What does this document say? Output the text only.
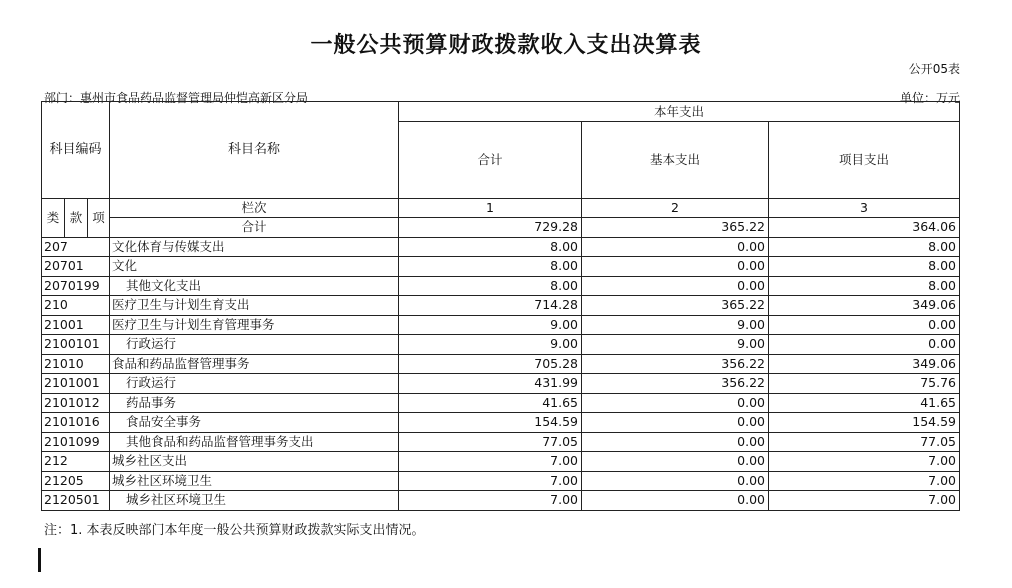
一般公共预算财政拨款收入支出决算表
公开05表
部门：惠州市食品药品监督管理局仲恺高新区分局	单位：万元
科目编码			科目名称	本年支出		
				合计	基本支出	项目支出
类	款	项	栏次	1	2	3
			合计	729.28	365.22	364.06
207			文化体育与传媒支出	8.00	0.00	8.00
20701			文化	8.00	0.00	8.00
2070199			其他文化支出	8.00	0.00	8.00
210			医疗卫生与计划生育支出	714.28	365.22	349.06
21001			医疗卫生与计划生育管理事务	9.00	9.00	0.00
2100101			行政运行	9.00	9.00	0.00
21010			食品和药品监督管理事务	705.28	356.22	349.06
2101001			行政运行	431.99	356.22	75.76
2101012			药品事务	41.65	0.00	41.65
2101016			食品安全事务	154.59	0.00	154.59
2101099			其他食品和药品监督管理事务支出	77.05	0.00	77.05
212			城乡社区支出	7.00	0.00	7.00
21205			城乡社区环境卫生	7.00	0.00	7.00
2120501			城乡社区环境卫生	7.00	0.00	7.00
注：1. 本表反映部门本年度一般公共预算财政拨款实际支出情况。
